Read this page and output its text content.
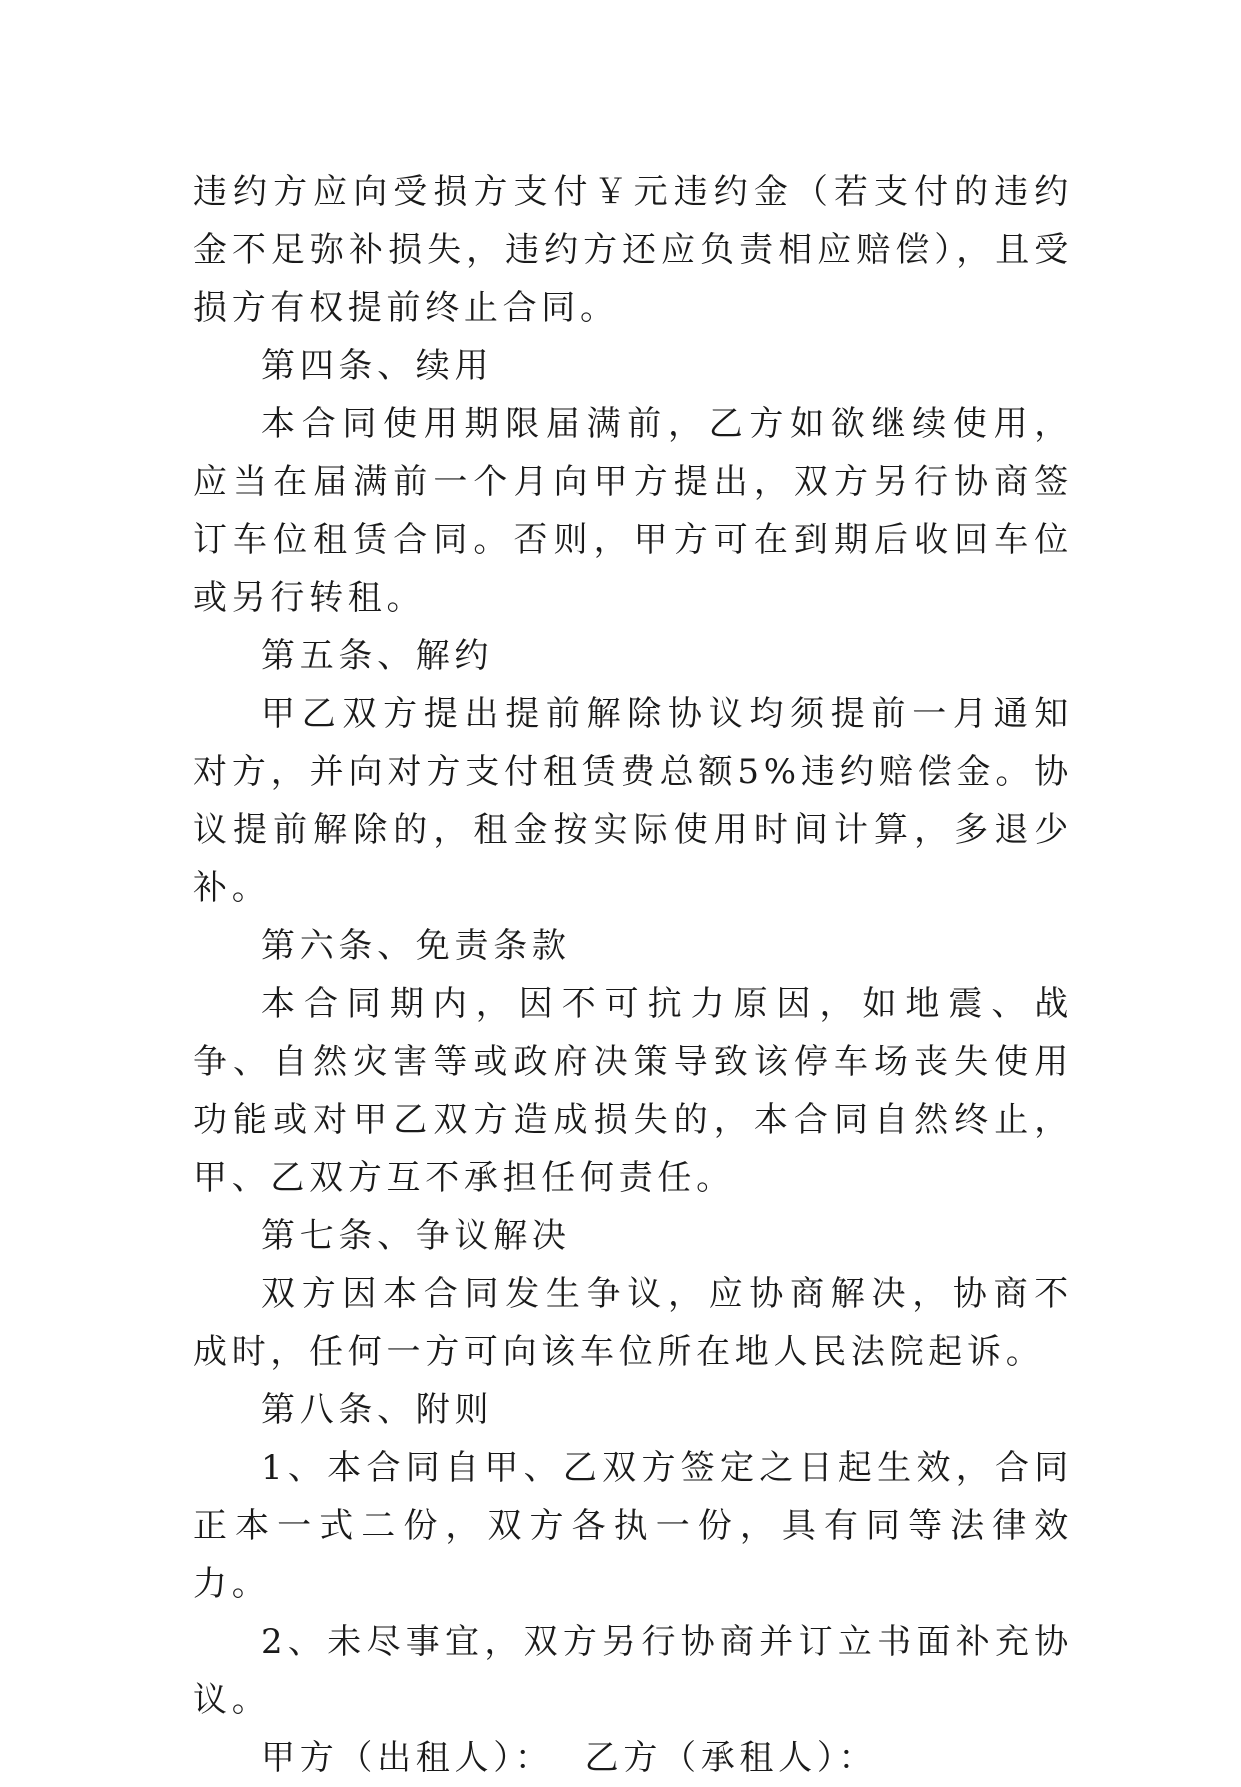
违约方应向受损方支付￥元违约金（若支付的违约金不足弥补损失，违约方还应负责相应赔偿），且受损方有权提前终止合同。

第四条、续用

本合同使用期限届满前，乙方如欲继续使用，应当在届满前一个月向甲方提出，双方另行协商签订车位租赁合同。否则，甲方可在到期后收回车位或另行转租。

第五条、解约

甲乙双方提出提前解除协议均须提前一月通知对方，并向对方支付租赁费总额5%违约赔偿金。协议提前解除的，租金按实际使用时间计算，多退少补。

第六条、免责条款

本合同期内，因不可抗力原因，如地震、战争、自然灾害等或政府决策导致该停车场丧失使用功能或对甲乙双方造成损失的，本合同自然终止，甲、乙双方互不承担任何责任。

第七条、争议解决

双方因本合同发生争议，应协商解决，协商不成时，任何一方可向该车位所在地人民法院起诉。

第八条、附则

1、本合同自甲、乙双方签定之日起生效，合同正本一式二份，双方各执一份，具有同等法律效力。

2、未尽事宜，双方另行协商并订立书面补充协议。

甲方（出租人）： 乙方（承租人）：
